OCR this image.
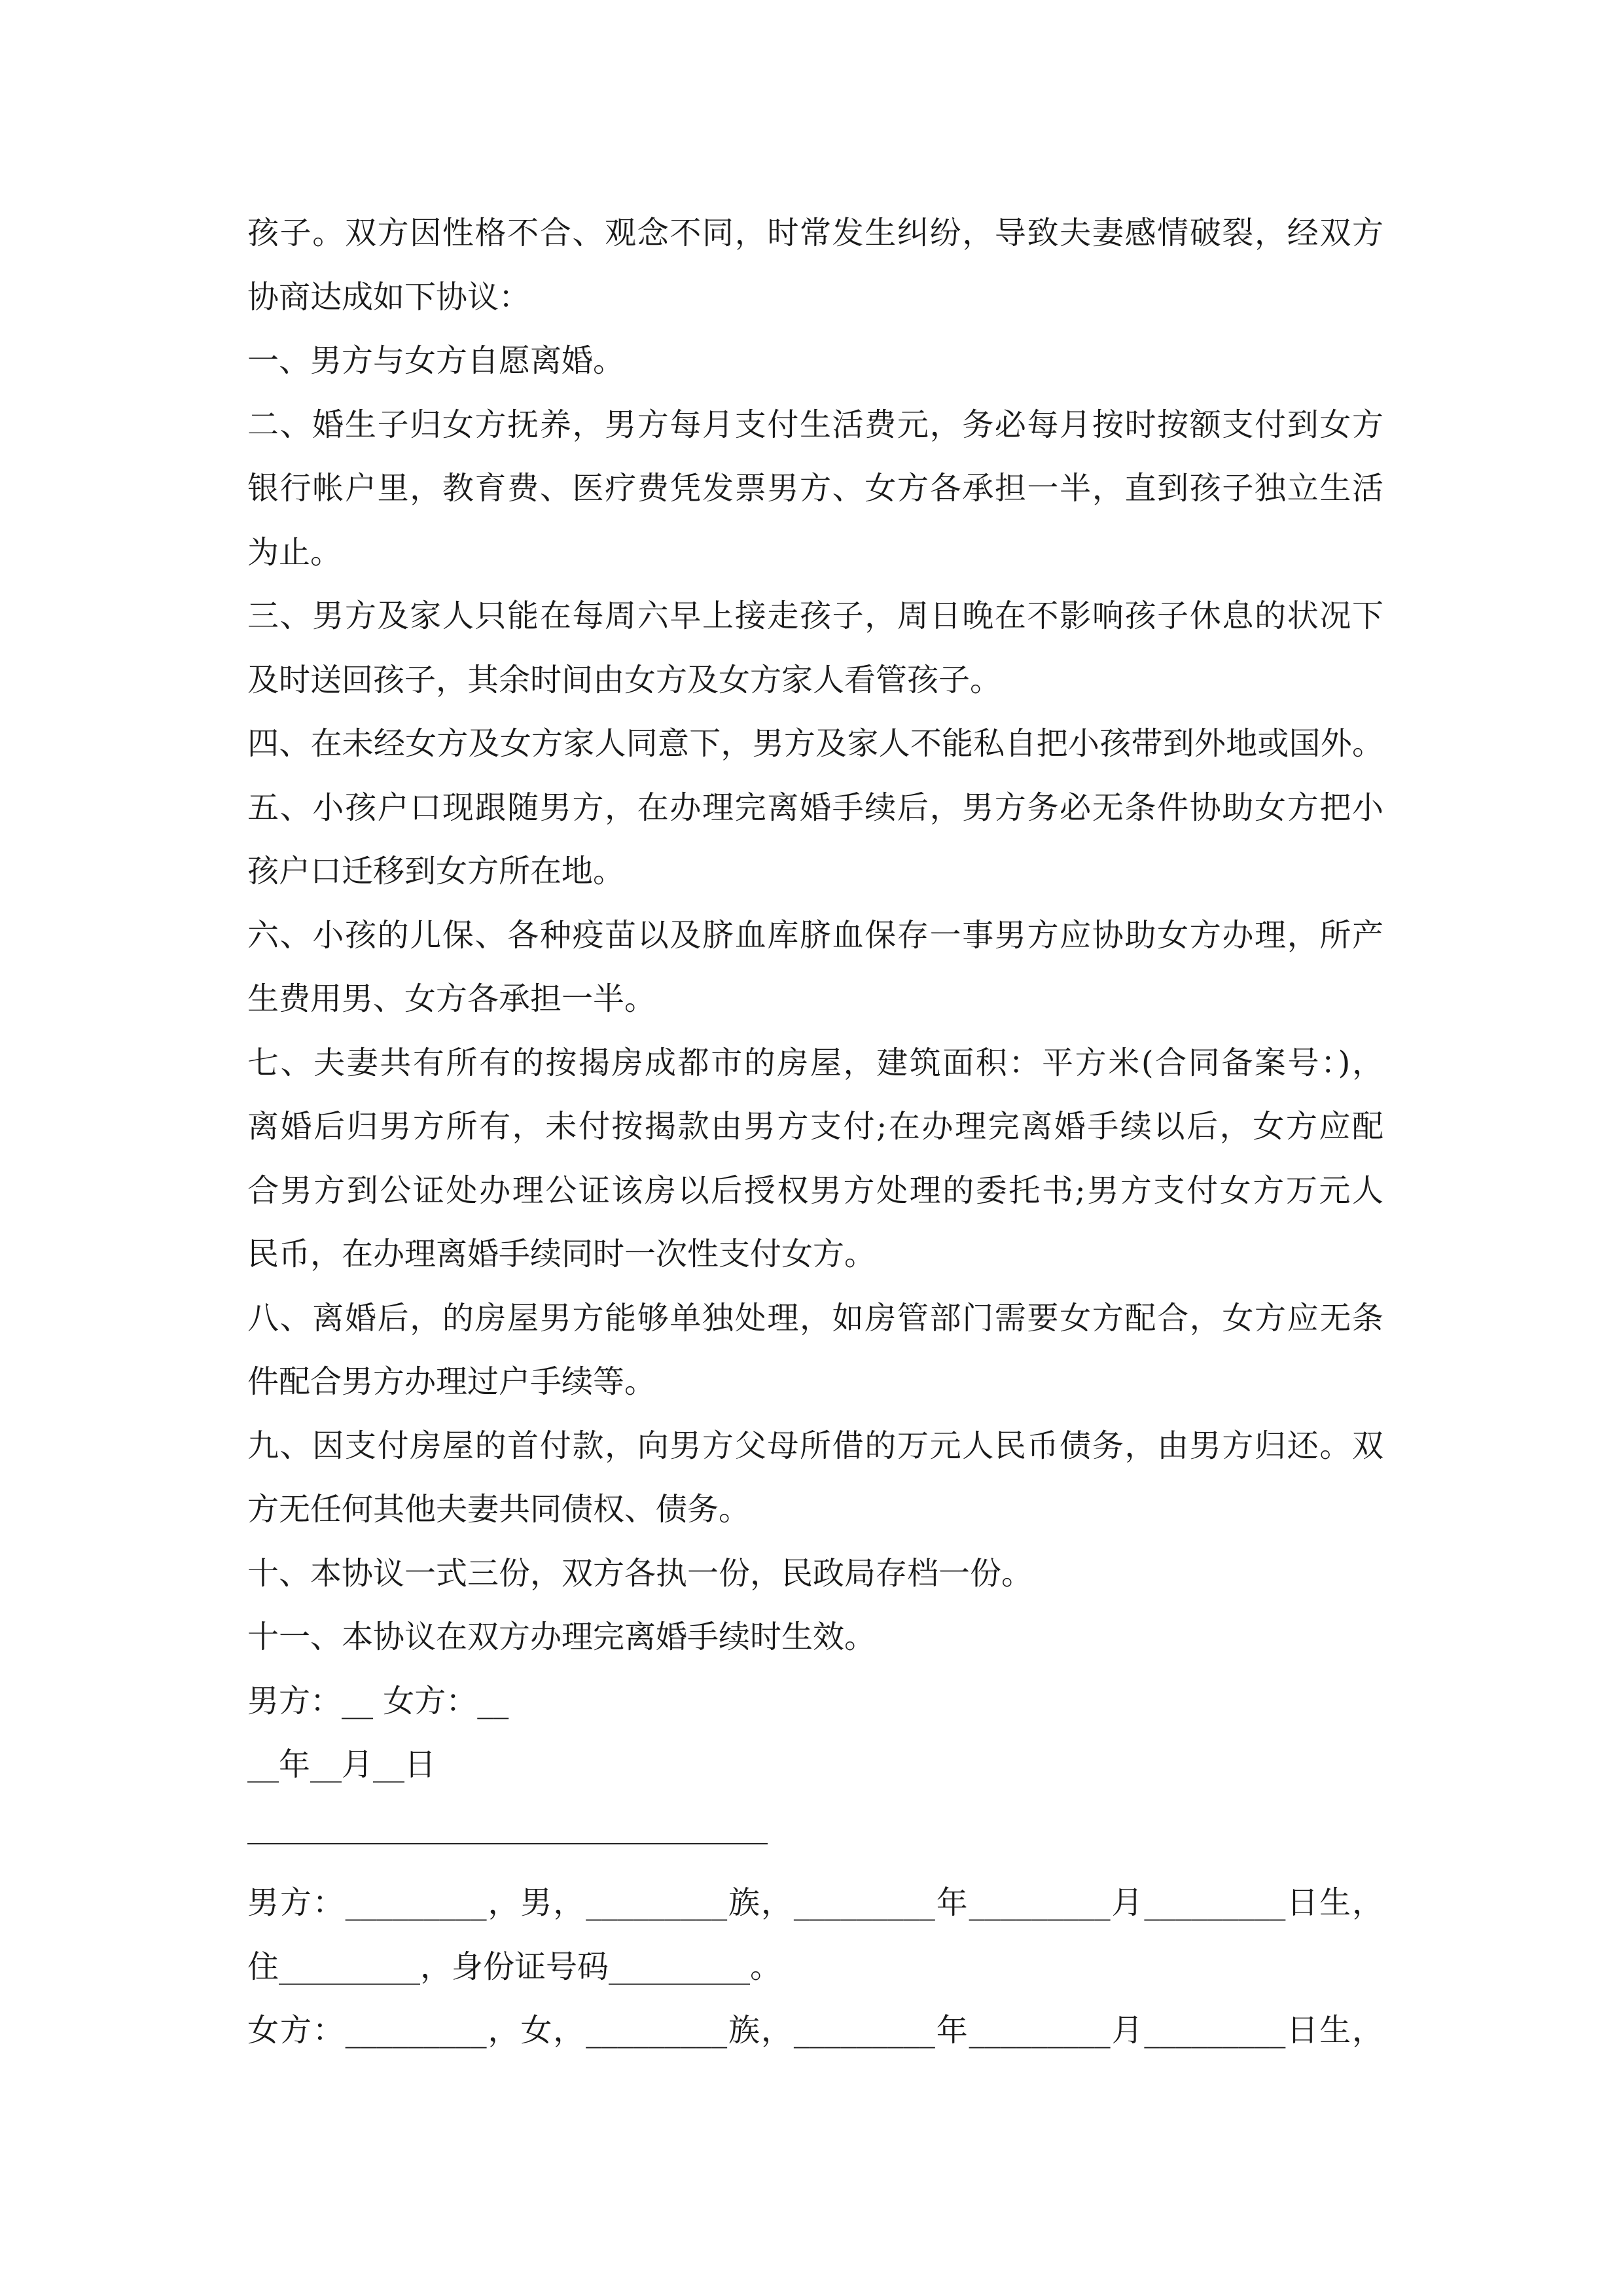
孩子。双方因性格不合、观念不同，时常发生纠纷，导致夫妻感情破裂，经双方
协商达成如下协议：
一、男方与女方自愿离婚。
二、婚生子归女方抚养，男方每月支付生活费元，务必每月按时按额支付到女方
银行帐户里，教育费、医疗费凭发票男方、女方各承担一半，直到孩子独立生活
为止。
三、男方及家人只能在每周六早上接走孩子，周日晚在不影响孩子休息的状况下
及时送回孩子，其余时间由女方及女方家人看管孩子。
四、在未经女方及女方家人同意下，男方及家人不能私自把小孩带到外地或国外。
五、小孩户口现跟随男方，在办理完离婚手续后，男方务必无条件协助女方把小
孩户口迁移到女方所在地。
六、小孩的儿保、各种疫苗以及脐血库脐血保存一事男方应协助女方办理，所产
生费用男、女方各承担一半。
七、夫妻共有所有的按揭房成都市的房屋，建筑面积：平方米(合同备案号：)，
离婚后归男方所有，未付按揭款由男方支付;在办理完离婚手续以后，女方应配
合男方到公证处办理公证该房以后授权男方处理的委托书;男方支付女方万元人
民币，在办理离婚手续同时一次性支付女方。
八、离婚后，的房屋男方能够单独处理，如房管部门需要女方配合，女方应无条
件配合男方办理过户手续等。
九、因支付房屋的首付款，向男方父母所借的万元人民币债务，由男方归还。双
方无任何其他夫妻共同债权、债务。
十、本协议一式三份，双方各执一份，民政局存档一份。
十一、本协议在双方办理完离婚手续时生效。
男方：__ 女方：__
__年__月__日
男方：_________，男，_________族，_________年_________月_________日生，
住_________，身份证号码_________。
女方：_________，女，_________族，_________年_________月_________日生，
